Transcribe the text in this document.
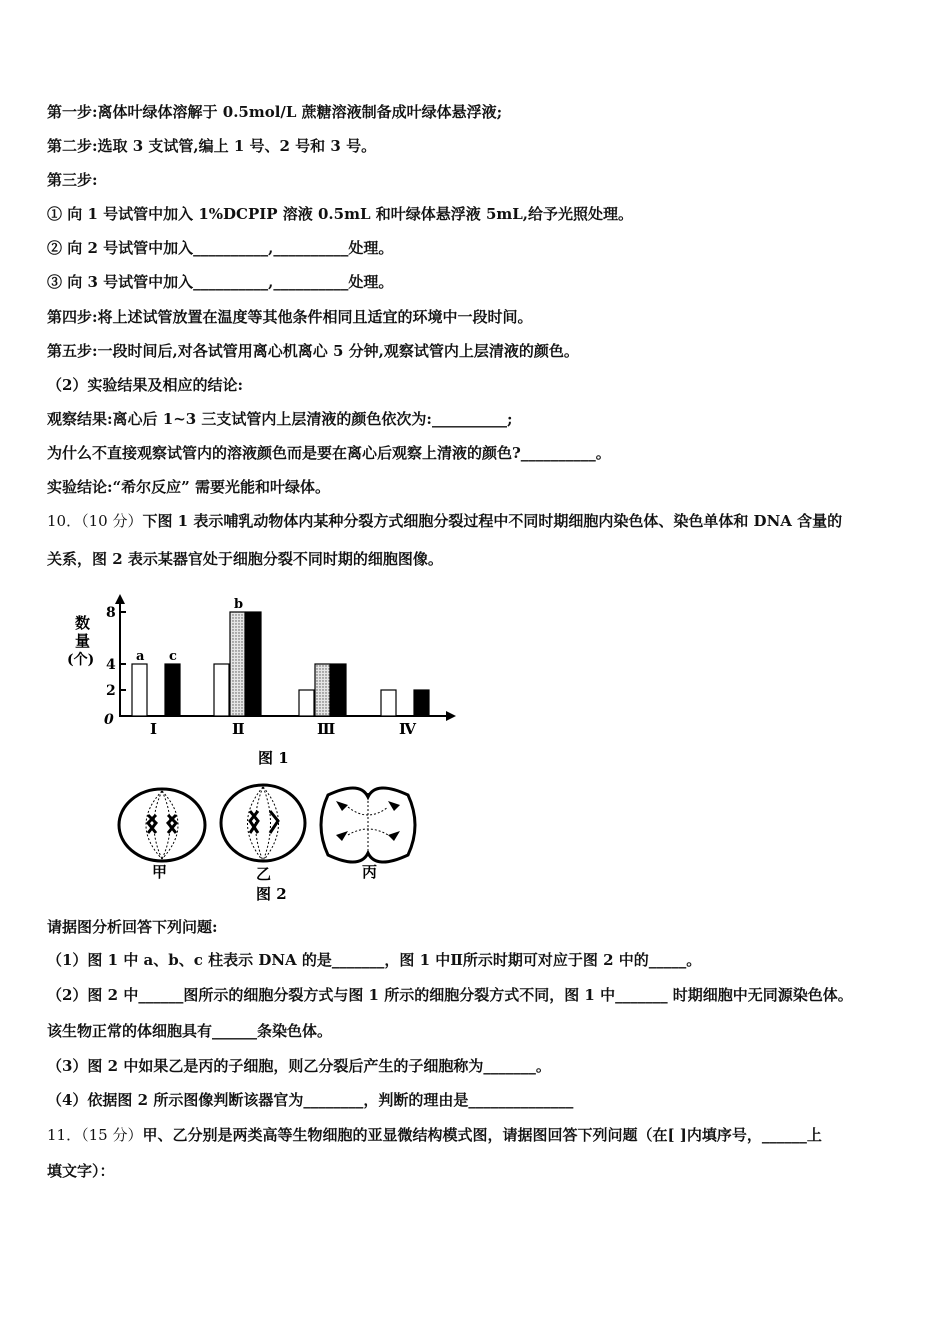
第一步:离体叶绿体溶解于 0.5mol/L 蔗糖溶液制备成叶绿体悬浮液;
第二步:选取 3 支试管,编上 1 号、2 号和 3 号。
第三步:
① 向 1 号试管中加入 1%DCPIP 溶液 0.5mL 和叶绿体悬浮液 5mL,给予光照处理。
② 向 2 号试管中加入__________,__________处理。
③ 向 3 号试管中加入__________,__________处理。
第四步:将上述试管放置在温度等其他条件相同且适宜的环境中一段时间。
第五步:一段时间后,对各试管用离心机离心 5 分钟,观察试管内上层清液的颜色。
（2）实验结果及相应的结论:
观察结果:离心后 1~3 三支试管内上层清液的颜色依次为:__________;
为什么不直接观察试管内的溶液颜色而是要在离心后观察上清液的颜色?__________。
实验结论:“希尔反应” 需要光能和叶绿体。
10．（10 分）下图 1 表示哺乳动物体内某种分裂方式细胞分裂过程中不同时期细胞内染色体、染色单体和 DNA 含量的
关系，图 2 表示某器官处于细胞分裂不同时期的细胞图像。
数
量
(个)
0
2
4
8
a c
Ⅰ
b
Ⅱ	Ⅲ	Ⅳ
图 1
甲	乙	丙
图 2
请据图分析回答下列问题:
（1）图 1 中 a、b、c 柱表示 DNA 的是_______，图 1 中Ⅱ所示时期可对应于图 2 中的_____。
（2）图 2 中______图所示的细胞分裂方式与图 1 所示的细胞分裂方式不同，图 1 中_______ 时期细胞中无同源染色体。
该生物正常的体细胞具有______条染色体。
（3）图 2 中如果乙是丙的子细胞，则乙分裂后产生的子细胞称为_______。
（4）依据图 2 所示图像判断该器官为________，判断的理由是______________
11．（15 分）甲、乙分别是两类高等生物细胞的亚显微结构模式图，请据图回答下列问题（在[ ]内填序号，______上
填文字）：
